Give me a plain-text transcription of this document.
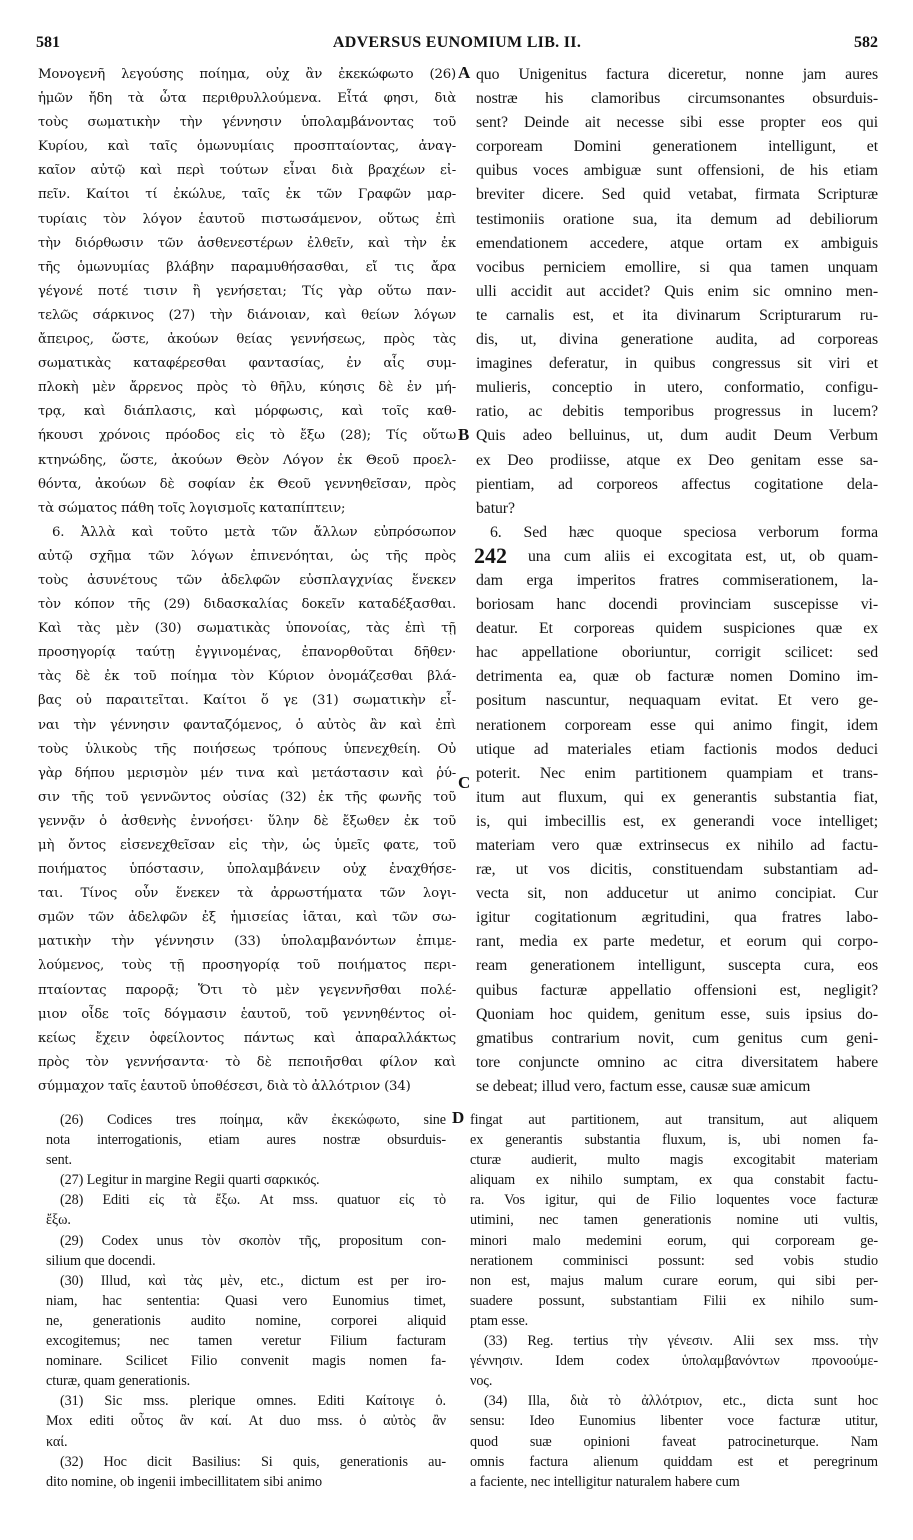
581	ADVERSUS EUNOMIUM LIB. II.	582
Μονογενῆ λεγούσης ποίημα, οὐχ ἂν ἐκεκώφωτο (26)
ἡμῶν ἤδη τὰ ὦτα περιθρυλλούμενα. Εἶτά φησι, διὰ
τοὺς σωματικὴν τὴν γέννησιν ὑπολαμβάνοντας τοῦ
Κυρίου, καὶ ταῖς ὁμωνυμίαις προσπταίοντας, ἀναγ-
καῖον αὐτῷ καὶ περὶ τούτων εἶναι διὰ βραχέων εἰ-
πεῖν. Καίτοι τί ἐκώλυε, ταῖς ἐκ τῶν Γραφῶν μαρ-
τυρίαις τὸν λόγον ἑαυτοῦ πιστωσάμενον, οὕτως ἐπὶ
τὴν διόρθωσιν τῶν ἀσθενεστέρων ἐλθεῖν, καὶ τὴν ἐκ
τῆς ὁμωνυμίας βλάβην παραμυθήσασθαι, εἴ τις ἄρα
γέγονέ ποτέ τισιν ἢ γενήσεται; Τίς γὰρ οὕτω παν-
τελῶς σάρκινος (27) τὴν διάνοιαν, καὶ θείων λόγων
ἄπειρος, ὥστε, ἀκούων θείας γεννήσεως, πρὸς τὰς
σωματικὰς καταφέρεσθαι φαντασίας, ἐν αἷς συμ-
πλοκὴ μὲν ἄρρενος πρὸς τὸ θῆλυ, κύησις δὲ ἐν μή-
τρᾳ, καὶ διάπλασις, καὶ μόρφωσις, καὶ τοῖς καθ-
ήκουσι χρόνοις πρόοδος εἰς τὸ ἔξω (28); Τίς οὕτω
κτηνώδης, ὥστε, ἀκούων Θεὸν Λόγον ἐκ Θεοῦ προελ-
θόντα, ἀκούων δὲ σοφίαν ἐκ Θεοῦ γεννηθεῖσαν, πρὸς
τὰ σώματος πάθη τοῖς λογισμοῖς καταπίπτειν;
6. Ἀλλὰ καὶ τοῦτο μετὰ τῶν ἄλλων εὐπρόσωπον
αὐτῷ σχῆμα τῶν λόγων ἐπινενόηται, ὡς τῆς πρὸς
τοὺς ἀσυνέτους τῶν ἀδελφῶν εὐσπλαγχνίας ἕνεκεν
τὸν κόπον τῆς (29) διδασκαλίας δοκεῖν καταδέξασθαι.
Καὶ τὰς μὲν (30) σωματικὰς ὑπονοίας, τὰς ἐπὶ τῇ
προσηγορίᾳ ταύτῃ ἐγγινομένας, ἐπανορθοῦται δῆθεν·
τὰς δὲ ἐκ τοῦ ποίημα τὸν Κύριον ὀνομάζεσθαι βλά-
βας οὐ παραιτεῖται. Καίτοι ὅ γε (31) σωματικὴν εἶ-
ναι τὴν γέννησιν φανταζόμενος, ὁ αὐτὸς ἂν καὶ ἐπὶ
τοὺς ὑλικοὺς τῆς ποιήσεως τρόπους ὑπενεχθείη. Οὐ
γὰρ δήπου μερισμὸν μέν τινα καὶ μετάστασιν καὶ ῥύ-
σιν τῆς τοῦ γεννῶντος οὐσίας (32) ἐκ τῆς φωνῆς τοῦ
γεννᾷν ὁ ἀσθενὴς ἐννοήσει· ὕλην δὲ ἔξωθεν ἐκ τοῦ
μὴ ὄντος εἰσενεχθεῖσαν εἰς τὴν, ὡς ὑμεῖς φατε, τοῦ
ποιήματος ὑπόστασιν, ὑπολαμβάνειν οὐχ ἐναχθήσε-
ται. Τίνος οὖν ἕνεκεν τὰ ἀρρωστήματα τῶν λογι-
σμῶν τῶν ἀδελφῶν ἐξ ἡμισείας ἰᾶται, καὶ τῶν σω-
ματικὴν τὴν γέννησιν (33) ὑπολαμβανόντων ἐπιμε-
λούμενος, τοὺς τῇ προσηγορίᾳ τοῦ ποιήματος περι-
πταίοντας παρορᾷ; Ὅτι τὸ μὲν γεγεννῆσθαι πολέ-
μιον οἶδε τοῖς δόγμασιν ἑαυτοῦ, τοῦ γεννηθέντος οἰ-
κείως ἔχειν ὀφείλοντος πάντως καὶ ἀπαραλλάκτως
πρὸς τὸν γεννήσαντα· τὸ δὲ πεποιῆσθαι φίλον καὶ
σύμμαχον ταῖς ἑαυτοῦ ὑποθέσεσι, διὰ τὸ ἀλλότριον (34)
quo Unigenitus factura diceretur, nonne jam aures
nostræ his clamoribus circumsonantes obsurduis-
sent? Deinde ait necesse sibi esse propter eos qui
corpoream Domini generationem intelligunt, et
quibus voces ambiguæ sunt offensioni, de his etiam
breviter dicere. Sed quid vetabat, firmata Scripturæ
testimoniis oratione sua, ita demum ad debiliorum
emendationem accedere, atque ortam ex ambiguis
vocibus perniciem emollire, si qua tamen unquam
ulli accidit aut accidet? Quis enim sic omnino men-
te carnalis est, et ita divinarum Scripturarum ru-
dis, ut, divina generatione audita, ad corporeas
imagines deferatur, in quibus congressus sit viri et
mulieris, conceptio in utero, conformatio, configu-
ratio, ac debitis temporibus progressus in lucem?
Quis adeo belluinus, ut, dum audit Deum Verbum
ex Deo prodiisse, atque ex Deo genitam esse sa-
pientiam, ad corporeos affectus cogitatione dela-
batur?
6. Sed hæc quoque speciosa verborum forma
una cum aliis ei excogitata est, ut, ob quam-
dam erga imperitos fratres commiserationem, la-
boriosam hanc docendi provinciam suscepisse vi-
deatur. Et corporeas quidem suspiciones quæ ex
hac appellatione oboriuntur, corrigit scilicet: sed
detrimenta ea, quæ ob facturæ nomen Domino im-
positum nascuntur, nequaquam evitat. Et vero ge-
nerationem corpoream esse qui animo fingit, idem
utique ad materiales etiam factionis modos deduci
poterit. Nec enim partitionem quampiam et trans-
itum aut fluxum, qui ex generantis substantia fiat,
is, qui imbecillis est, ex generandi voce intelliget;
materiam vero quæ extrinsecus ex nihilo ad factu-
ræ, ut vos dicitis, constituendam substantiam ad-
vecta sit, non adducetur ut animo concipiat. Cur
igitur cogitationum ægritudini, qua fratres labo-
rant, media ex parte medetur, et eorum qui corpo-
ream generationem intelligunt, suscepta cura, eos
quibus facturæ appellatio offensioni est, negligit?
Quoniam hoc quidem, genitum esse, suis ipsius do-
gmatibus contrarium novit, cum genitus cum geni-
tore conjuncte omnino ac citra diversitatem habere
se debeat; illud vero, factum esse, causæ suæ amicum
A
B
C
D
242
(26) Codices tres ποίημα, κἂν ἐκεκώφωτο, sine
nota interrogationis, etiam aures nostræ obsurduis-
sent.
(27) Legitur in margine Regii quarti σαρκικός.
(28) Editi εἰς τὰ ἔξω. At mss. quatuor εἰς τὸ
ἔξω.
(29) Codex unus τὸν σκοπὸν τῆς, propositum con-
silium que docendi.
(30) Illud, καὶ τὰς μὲν, etc., dictum est per iro-
niam, hac sententia: Quasi vero Eunomius timet,
ne, generationis audito nomine, corporei aliquid
excogitemus; nec tamen veretur Filium facturam
nominare. Scilicet Filio convenit magis nomen fa-
cturæ, quam generationis.
(31) Sic mss. plerique omnes. Editi Καίτοιγε ὁ.
Mox editi οὗτος ἂν καί. At duo mss. ὁ αὐτὸς ἂν
καί.
(32) Hoc dicit Basilius: Si quis, generationis au-
dito nomine, ob ingenii imbecillitatem sibi animo
fingat aut partitionem, aut transitum, aut aliquem
ex generantis substantia fluxum, is, ubi nomen fa-
cturæ audierit, multo magis excogitabit materiam
aliquam ex nihilo sumptam, ex qua constabit factu-
ra. Vos igitur, qui de Filio loquentes voce facturæ
utimini, nec tamen generationis nomine uti vultis,
minori malo medemini eorum, qui corpoream ge-
nerationem comminisci possunt: sed vobis studio
non est, majus malum curare eorum, qui sibi per-
suadere possunt, substantiam Filii ex nihilo sum-
ptam esse.
(33) Reg. tertius τὴν γένεσιν. Alii sex mss. τὴν
γέννησιν. Idem codex ὑπολαμβανόντων προνοούμε-
νος.
(34) Illa, διὰ τὸ ἀλλότριον, etc., dicta sunt hoc
sensu: Ideo Eunomius libenter voce facturæ utitur,
quod suæ opinioni faveat patrocineturque. Nam
omnis factura alienum quiddam est et peregrinum
a faciente, nec intelligitur naturalem habere cum
